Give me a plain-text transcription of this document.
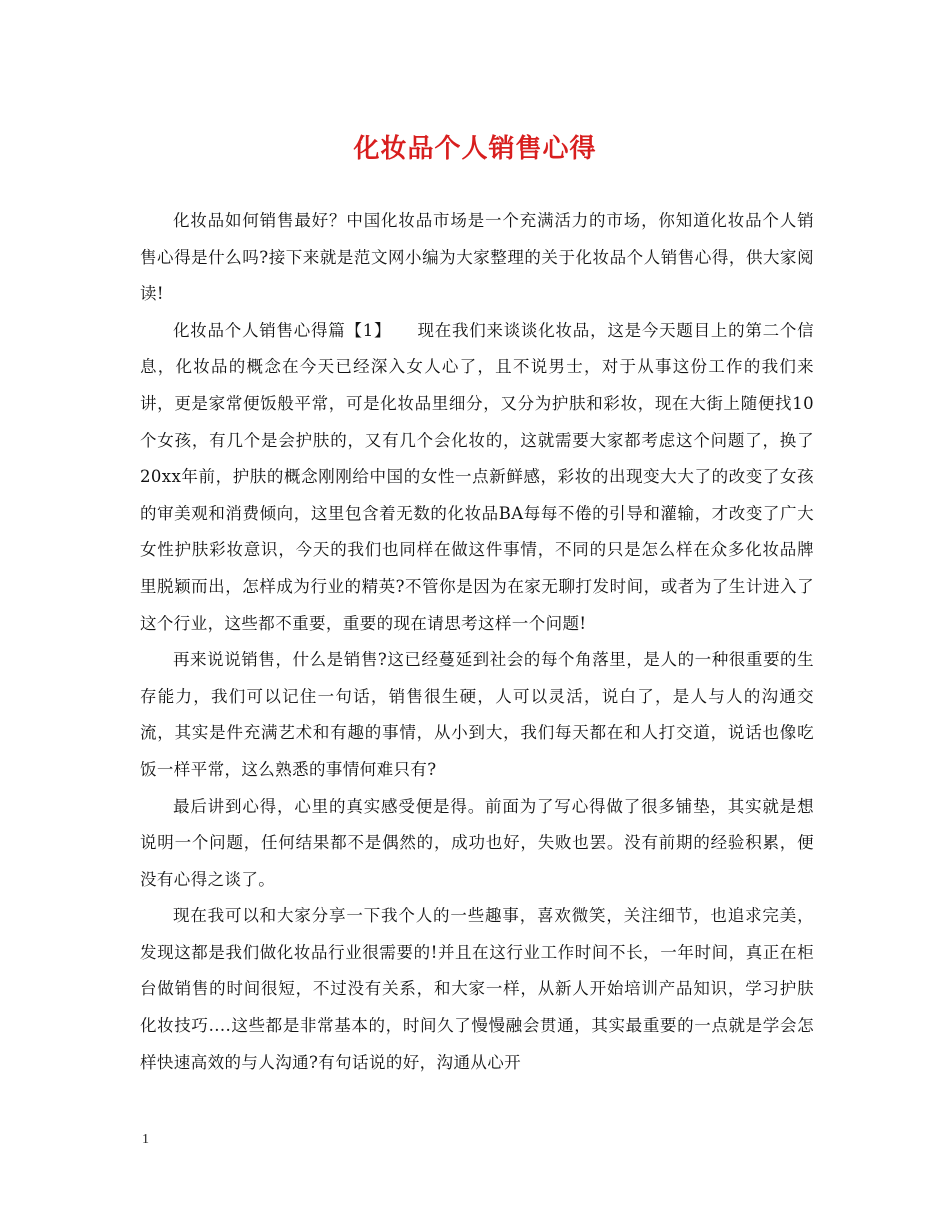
化妆品个人销售心得

化妆品如何销售最好？中国化妆品市场是一个充满活力的市场，你知道化妆品个人销售心得是什么吗?接下来就是范文网小编为大家整理的关于化妆品个人销售心得，供大家阅读!

化妆品个人销售心得篇【1】　　现在我们来谈谈化妆品，这是今天题目上的第二个信息，化妆品的概念在今天已经深入女人心了，且不说男士，对于从事这份工作的我们来讲，更是家常便饭般平常，可是化妆品里细分，又分为护肤和彩妆，现在大街上随便找10个女孩，有几个是会护肤的，又有几个会化妆的，这就需要大家都考虑这个问题了，换了20xx年前，护肤的概念刚刚给中国的女性一点新鲜感，彩妆的出现变大大了的改变了女孩的审美观和消费倾向，这里包含着无数的化妆品BA每每不倦的引导和灌输，才改变了广大女性护肤彩妆意识，今天的我们也同样在做这件事情，不同的只是怎么样在众多化妆品牌里脱颖而出，怎样成为行业的精英?不管你是因为在家无聊打发时间，或者为了生计进入了这个行业，这些都不重要，重要的现在请思考这样一个问题!

再来说说销售，什么是销售?这已经蔓延到社会的每个角落里，是人的一种很重要的生存能力，我们可以记住一句话，销售很生硬，人可以灵活，说白了，是人与人的沟通交流，其实是件充满艺术和有趣的事情，从小到大，我们每天都在和人打交道，说话也像吃饭一样平常，这么熟悉的事情何难只有?

最后讲到心得，心里的真实感受便是得。前面为了写心得做了很多铺垫，其实就是想说明一个问题，任何结果都不是偶然的，成功也好，失败也罢。没有前期的经验积累，便没有心得之谈了。

现在我可以和大家分享一下我个人的一些趣事，喜欢微笑，关注细节，也追求完美，发现这都是我们做化妆品行业很需要的!并且在这行业工作时间不长，一年时间，真正在柜台做销售的时间很短，不过没有关系，和大家一样，从新人开始培训产品知识，学习护肤化妆技巧....这些都是非常基本的，时间久了慢慢融会贯通，其实最重要的一点就是学会怎样快速高效的与人沟通?有句话说的好，沟通从心开

1
